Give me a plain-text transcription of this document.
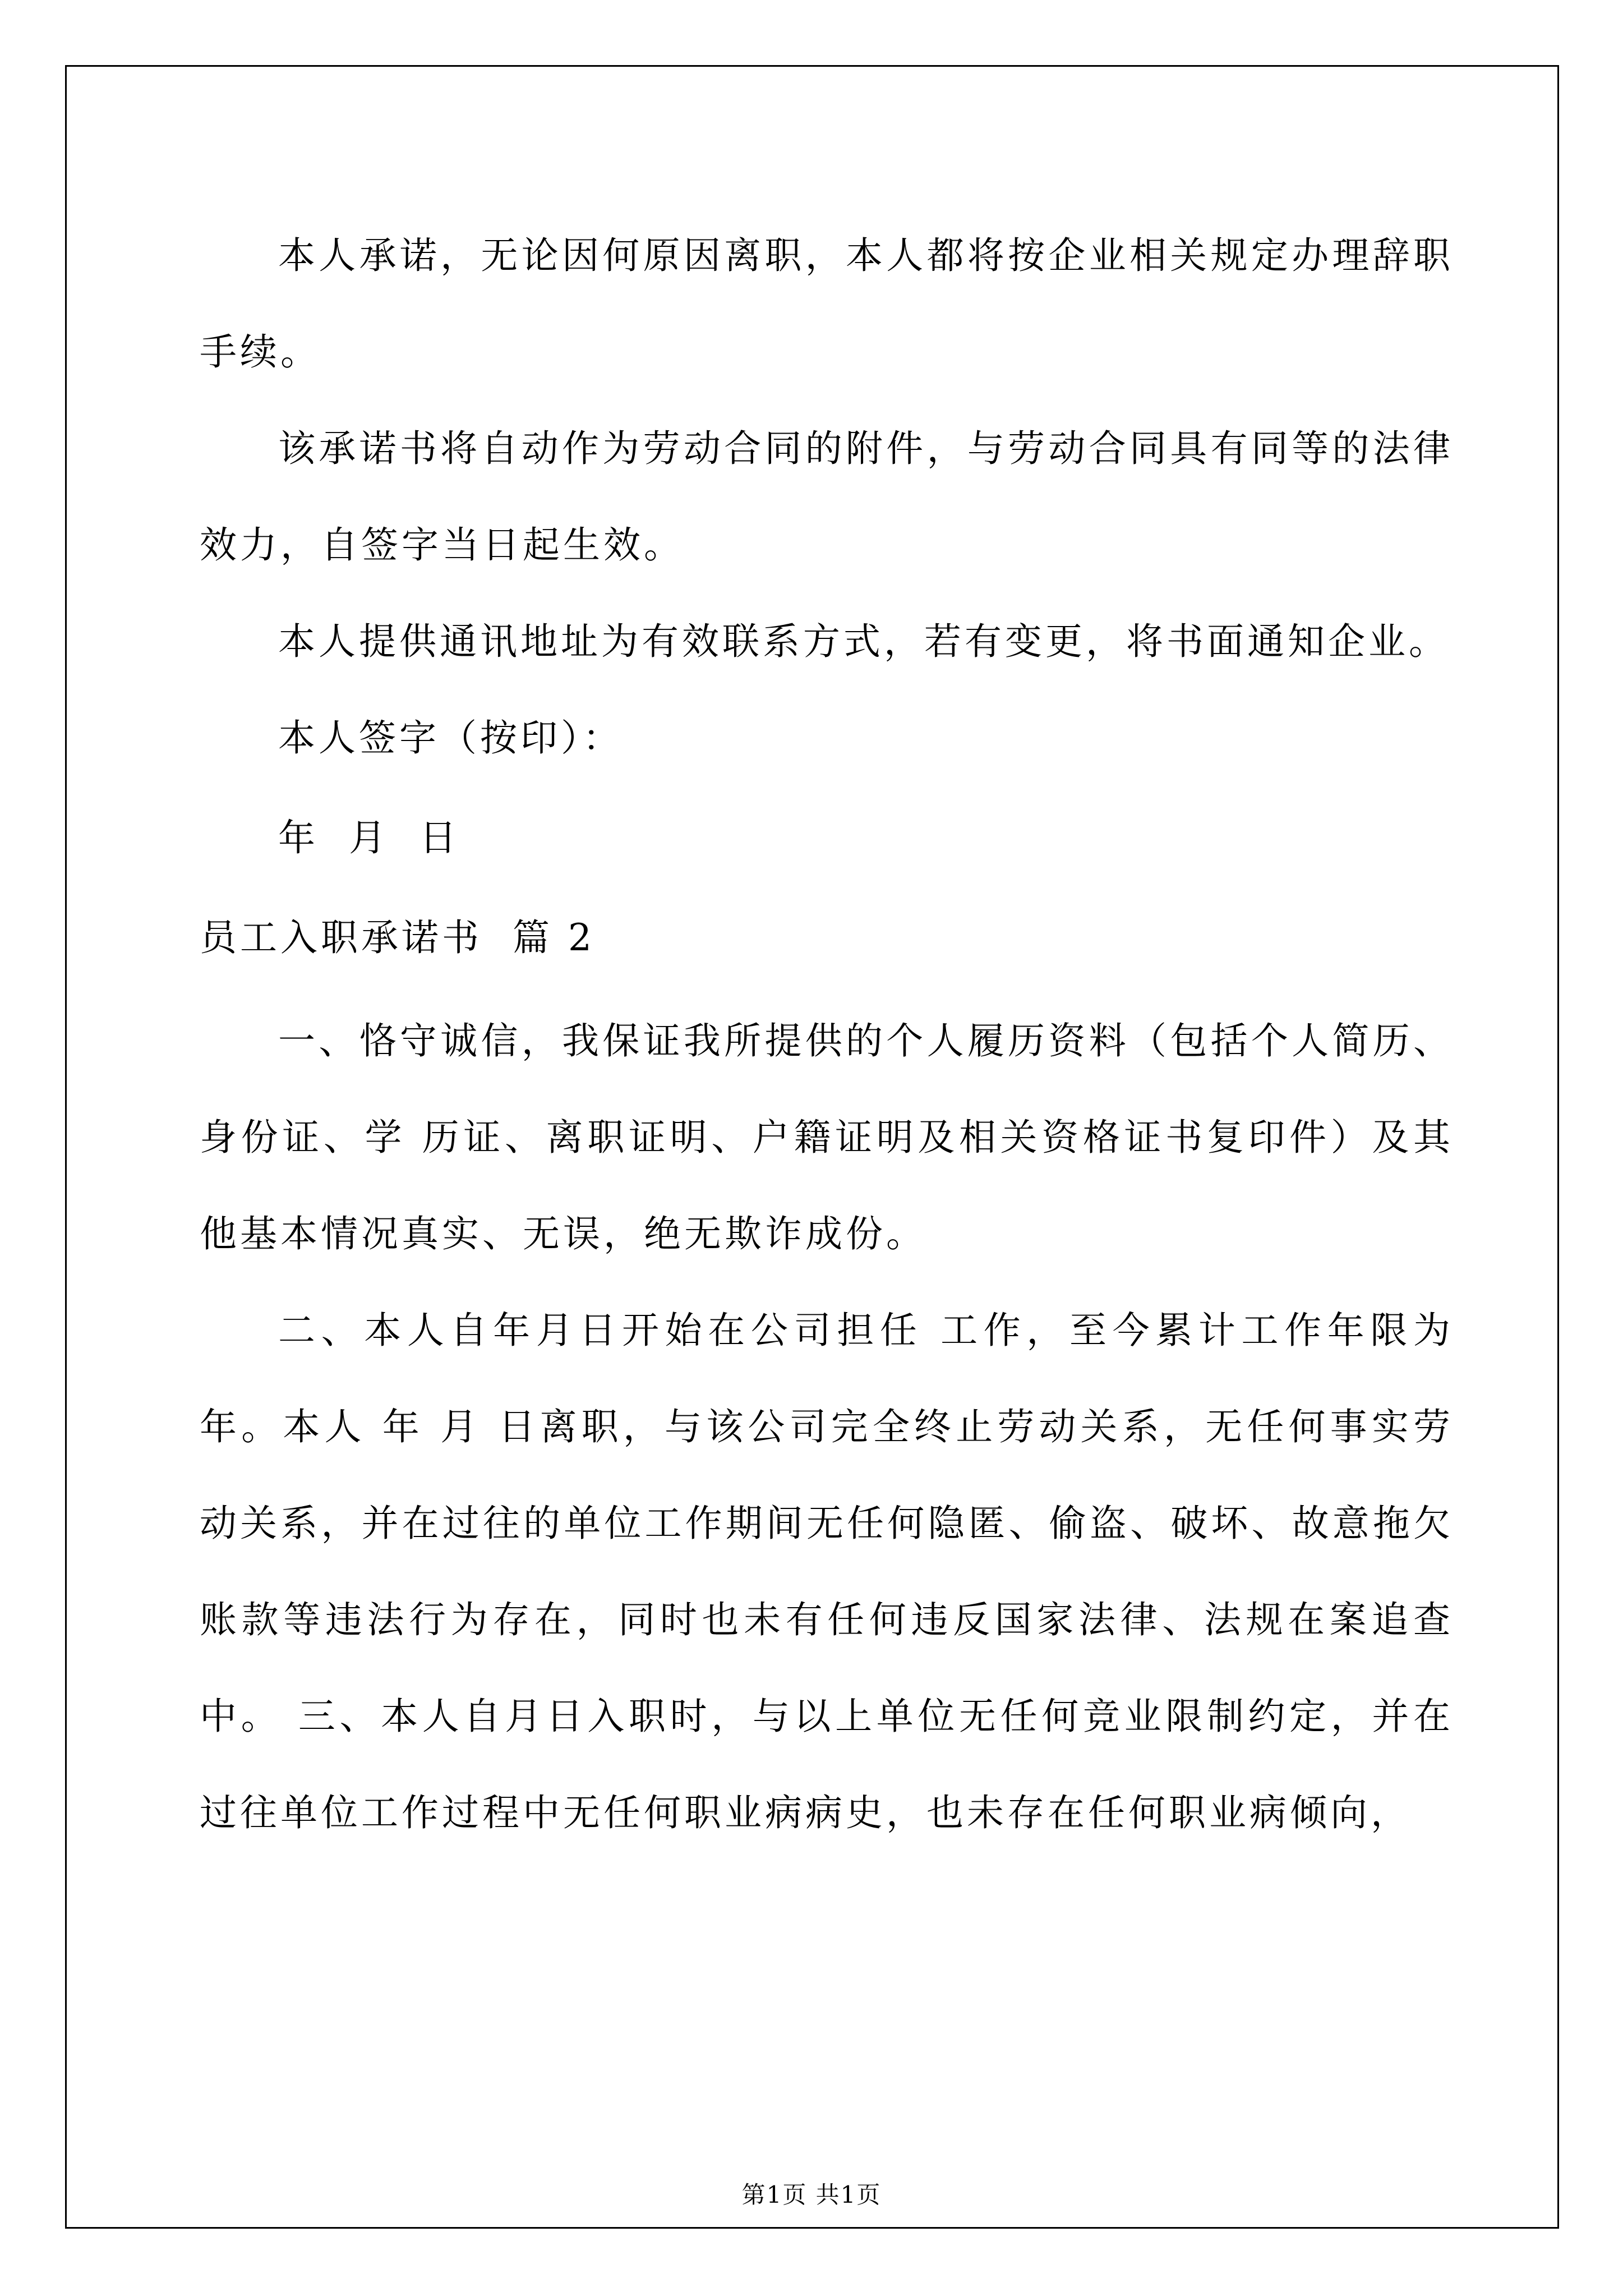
本人承诺，无论因何原因离职，本人都将按企业相关规定办理辞职手续。

该承诺书将自动作为劳动合同的附件，与劳动合同具有同等的法律效力，自签字当日起生效。

本人提供通讯地址为有效联系方式，若有变更，将书面通知企业。

本人签字（按印）：

年  月  日

员工入职承诺书  篇 2

一、恪守诚信，我保证我所提供的个人履历资料（包括个人简历、身份证、学 历证、离职证明、户籍证明及相关资格证书复印件）及其他基本情况真实、无误，绝无欺诈成份。

二、本人自年月日开始在公司担任 工作，至今累计工作年限为年。本人 年 月 日离职，与该公司完全终止劳动关系，无任何事实劳动关系，并在过往的单位工作期间无任何隐匿、偷盗、破坏、故意拖欠账款等违法行为存在，同时也未有任何违反国家法律、法规在案追查中。 三、本人自月日入职时，与以上单位无任何竞业限制约定，并在过往单位工作过程中无任何职业病病史，也未存在任何职业病倾向，

第1页 共1页
